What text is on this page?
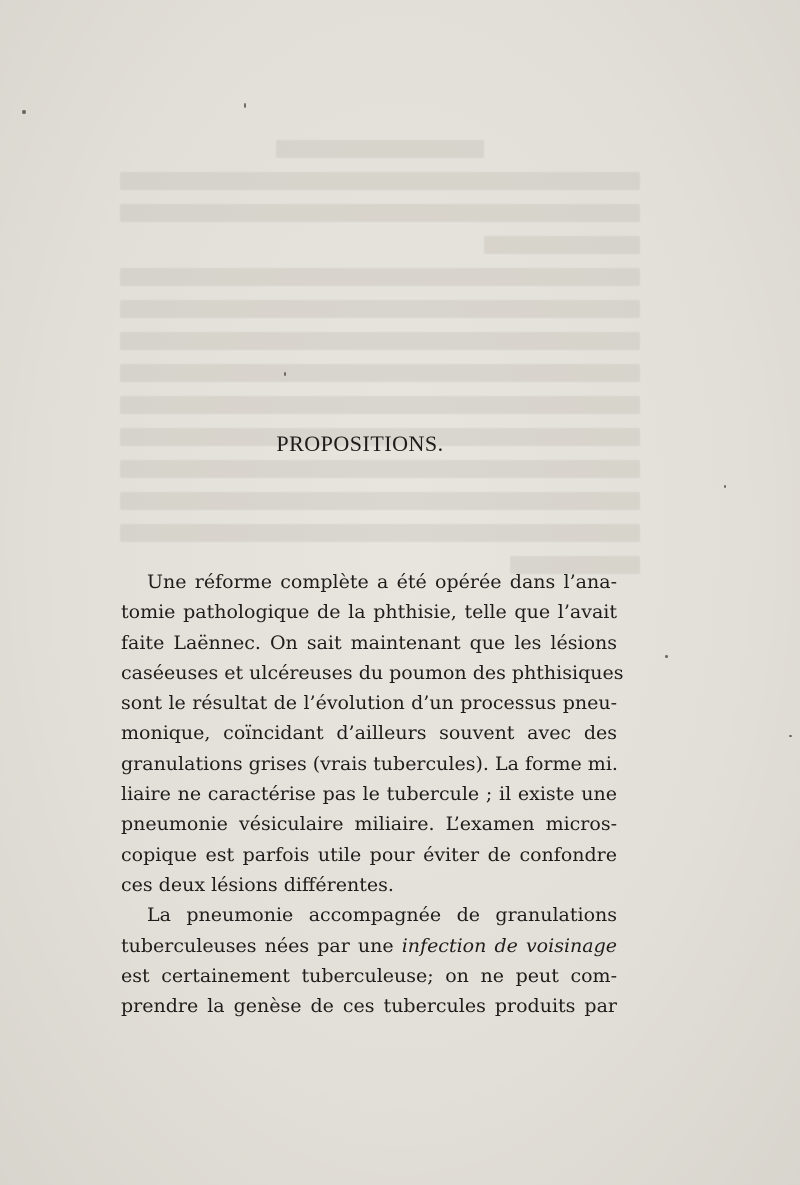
PROPOSITIONS.
Une réforme complète a été opérée dans l’ana-
tomie pathologique de la phthisie, telle que l’avait
faite Laënnec. On sait maintenant que les lésions
caséeuses et ulcéreuses du poumon des phthisiques
sont le résultat de l’évolution d’un processus pneu-
monique, coïncidant d’ailleurs souvent avec des
granulations grises (vrais tubercules). La forme mi.
liaire ne caractérise pas le tubercule ; il existe une
pneumonie vésiculaire miliaire. L’examen micros-
copique est parfois utile pour éviter de confondre
ces deux lésions différentes.
La pneumonie accompagnée de granulations
tuberculeuses nées par une infection de voisinage
est certainement tuberculeuse; on ne peut com-
prendre la genèse de ces tubercules produits par
